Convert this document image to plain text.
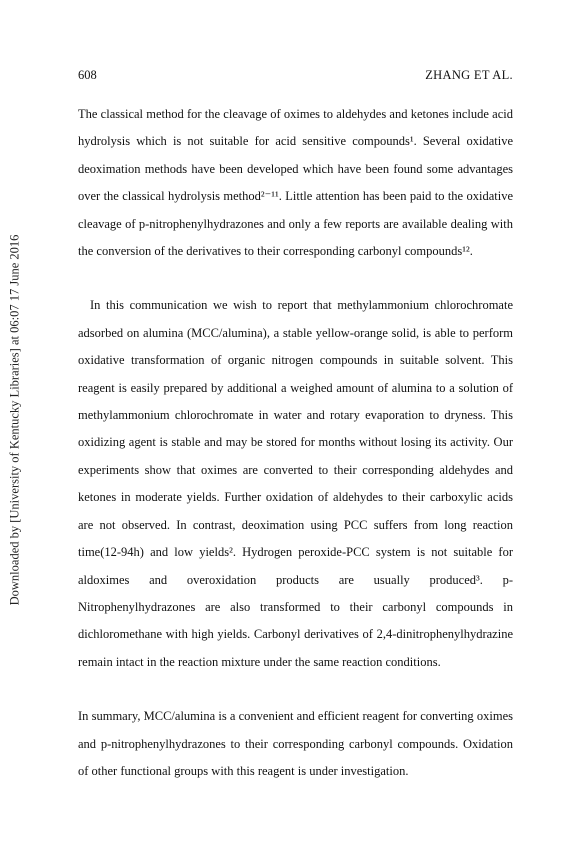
Downloaded by [University of Kentucky Libraries] at 06:07 17 June 2016
608	ZHANG ET AL.

The classical method for the cleavage of oximes to aldehydes and ketones include acid hydrolysis which is not suitable for acid sensitive compounds¹. Several oxidative deoximation methods have been developed which have been found some advantages over the classical hydrolysis method²⁻¹¹. Little attention has been paid to the oxidative cleavage of p-nitrophenylhydrazones and only a few reports are available dealing with the conversion of the derivatives to their corresponding carbonyl compounds¹².

In this communication we wish to report that methylammonium chlorochromate adsorbed on alumina (MCC/alumina), a stable yellow-orange solid, is able to perform oxidative transformation of organic nitrogen compounds in suitable solvent. This reagent is easily prepared by additional a weighed amount of alumina to a solution of methylammonium chlorochromate in water and rotary evaporation to dryness. This oxidizing agent is stable and may be stored for months without losing its activity. Our experiments show that oximes are converted to their corresponding aldehydes and ketones in moderate yields. Further oxidation of aldehydes to their carboxylic acids are not observed. In contrast, deoximation using PCC suffers from long reaction time(12-94h) and low yields². Hydrogen peroxide-PCC system is not suitable for aldoximes and overoxidation products are usually produced³. p-Nitrophenylhydrazones are also transformed to their carbonyl compounds in dichloromethane with high yields. Carbonyl derivatives of 2,4-dinitrophenylhydrazine remain intact in the reaction mixture under the same reaction conditions.

In summary, MCC/alumina is a convenient and efficient reagent for converting oximes and p-nitrophenylhydrazones to their corresponding carbonyl compounds. Oxidation of other functional groups with this reagent is under investigation.
